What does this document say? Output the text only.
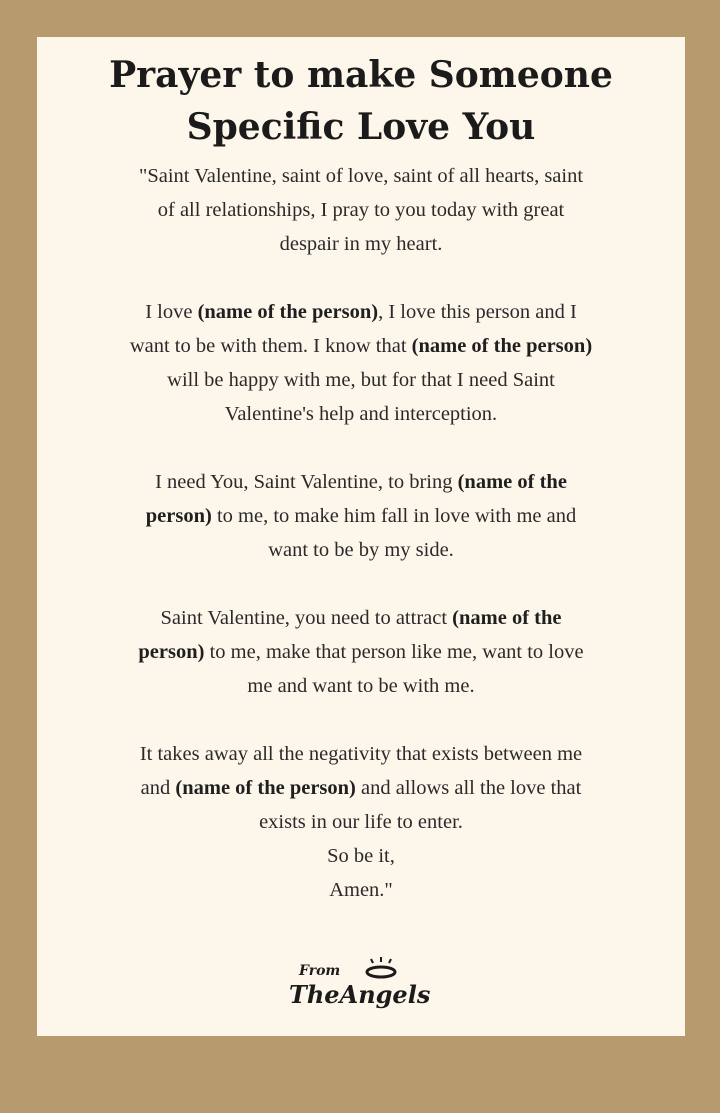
Prayer to make Someone
Specific Love You

"Saint Valentine, saint of love, saint of all hearts, saint
of all relationships, I pray to you today with great
despair in my heart.

I love (name of the person), I love this person and I
want to be with them. I know that (name of the person)
will be happy with me, but for that I need Saint
Valentine's help and interception.

I need You, Saint Valentine, to bring (name of the
person) to me, to make him fall in love with me and
want to be by my side.

Saint Valentine, you need to attract (name of the
person) to me, make that person like me, want to love
me and want to be with me.

It takes away all the negativity that exists between me
and (name of the person) and allows all the love that
exists in our life to enter.
So be it,
Amen."

From
TheAngels
